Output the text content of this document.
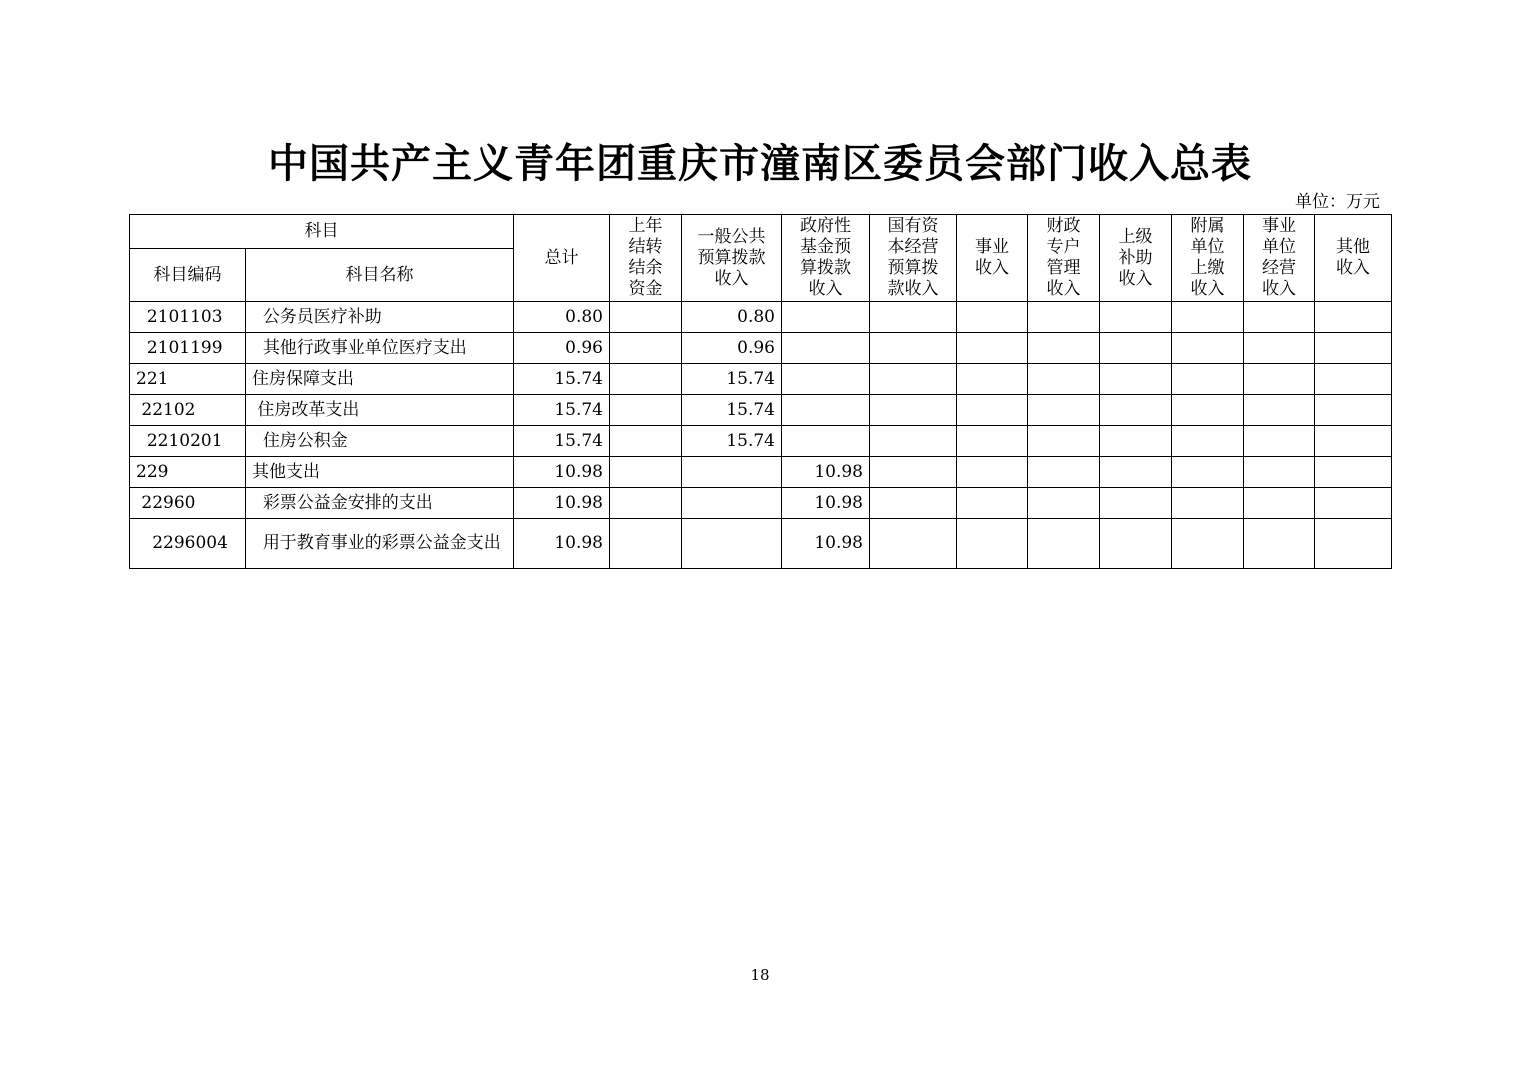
中国共产主义青年团重庆市潼南区委员会部门收入总表
单位：万元
科目		总计	上年
结转
结余
资金	一般公共
预算拨款
收入	政府性
基金预
算拨款
收入	国有资
本经营
预算拨
款收入	事业
收入	财政
专户
管理
收入	上级
补助
收入	附属
单位
上缴
收入	事业
单位
经营
收入	其他
收入
科目编码	科目名称											
2101103	公务员医疗补助	0.80		0.80								
2101199	其他行政事业单位医疗支出	0.96		0.96								
221	住房保障支出	15.74		15.74								
22102	住房改革支出	15.74		15.74								
2210201	住房公积金	15.74		15.74								
229	其他支出	10.98			10.98							
22960	彩票公益金安排的支出	10.98			10.98							
2296004	用于教育事业的彩票公益金支出	10.98			10.98							
18
